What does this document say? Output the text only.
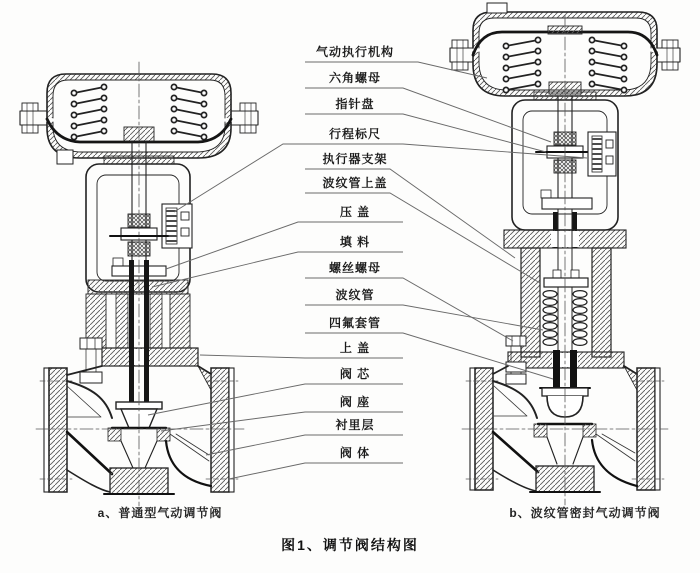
气动执行机构
六角螺母
指针盘
行程标尺
执行器支架
波纹管上盖
压 盖
填 料
螺丝螺母
波纹管
四氟套管
上 盖
阀 芯
阀 座
衬里层
阀 体
a、普通型气动调节阀	b、波纹管密封气动调节阀
图1、调节阀结构图
